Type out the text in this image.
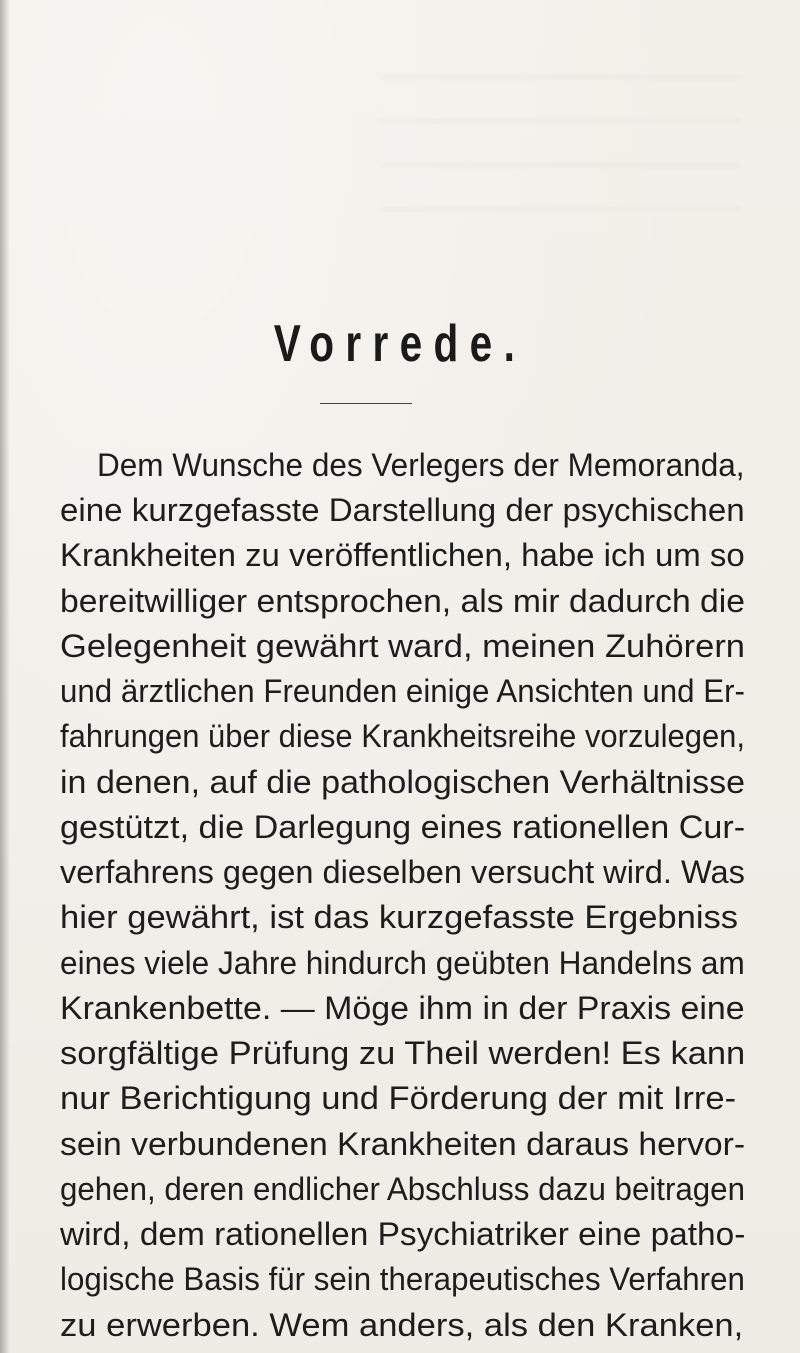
Vorrede.

Dem Wunsche des Verlegers der Memoranda,

eine kurzgefasste Darstellung der psychischen

Krankheiten zu veröffentlichen, habe ich um so

bereitwilliger entsprochen, als mir dadurch die

Gelegenheit gewährt ward, meinen Zuhörern

und ärztlichen Freunden einige Ansichten und Er-

fahrungen über diese Krankheitsreihe vorzulegen,

in denen, auf die pathologischen Verhältnisse

gestützt, die Darlegung eines rationellen Cur-

verfahrens gegen dieselben versucht wird. Was

hier gewährt, ist das kurzgefasste Ergebniss

eines viele Jahre hindurch geübten Handelns am

Krankenbette. — Möge ihm in der Praxis eine

sorgfältige Prüfung zu Theil werden! Es kann

nur Berichtigung und Förderung der mit Irre-

sein verbundenen Krankheiten daraus hervor-

gehen, deren endlicher Abschluss dazu beitragen

wird, dem rationellen Psychiatriker eine patho-

logische Basis für sein therapeutisches Verfahren

zu erwerben. Wem anders, als den Kranken,
